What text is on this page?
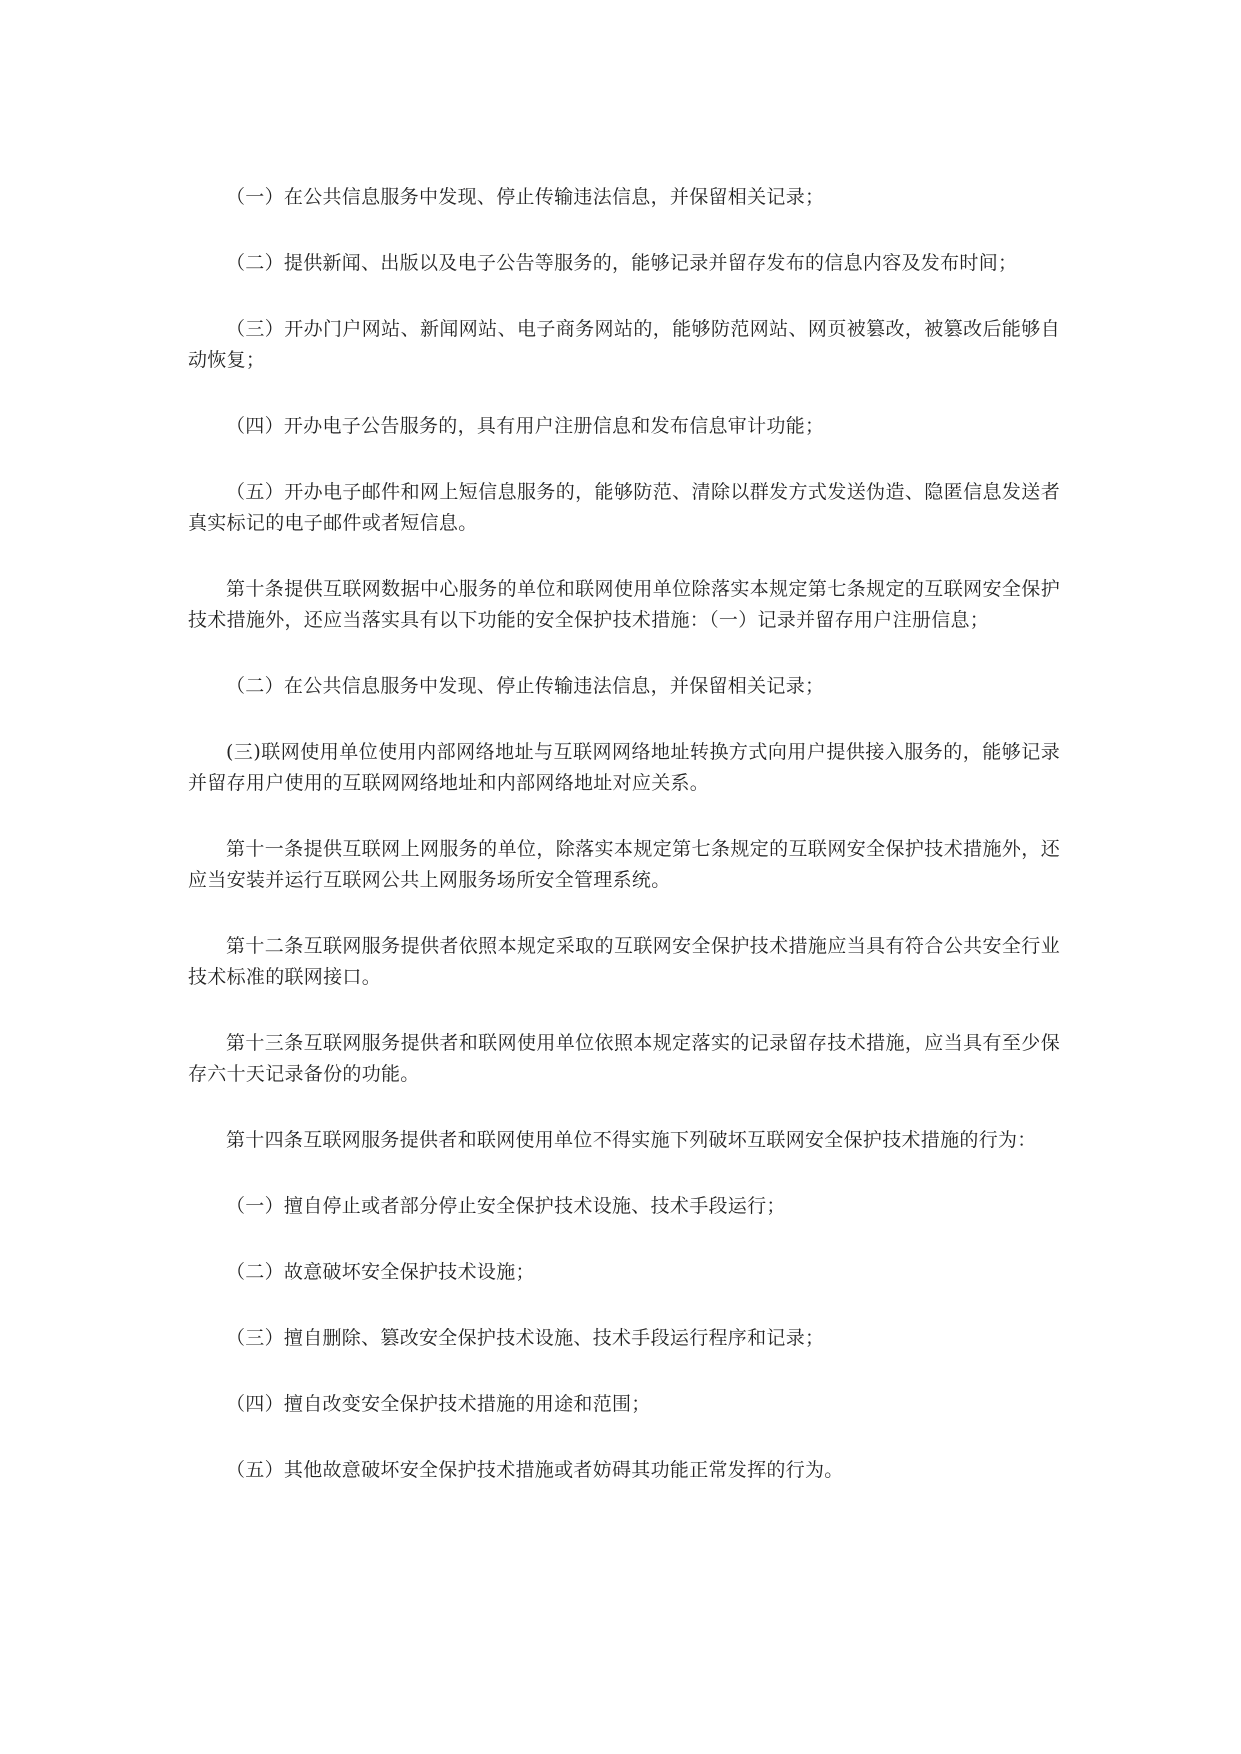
（一）在公共信息服务中发现、停止传输违法信息，并保留相关记录；

（二）提供新闻、出版以及电子公告等服务的，能够记录并留存发布的信息内容及发布时间；

（三）开办门户网站、新闻网站、电子商务网站的，能够防范网站、网页被篡改，被篡改后能够自动恢复；

（四）开办电子公告服务的，具有用户注册信息和发布信息审计功能；

（五）开办电子邮件和网上短信息服务的，能够防范、清除以群发方式发送伪造、隐匿信息发送者真实标记的电子邮件或者短信息。

第十条提供互联网数据中心服务的单位和联网使用单位除落实本规定第七条规定的互联网安全保护技术措施外，还应当落实具有以下功能的安全保护技术措施：（一）记录并留存用户注册信息；

（二）在公共信息服务中发现、停止传输违法信息，并保留相关记录；

(三)联网使用单位使用内部网络地址与互联网网络地址转换方式向用户提供接入服务的，能够记录并留存用户使用的互联网网络地址和内部网络地址对应关系。

第十一条提供互联网上网服务的单位，除落实本规定第七条规定的互联网安全保护技术措施外，还应当安装并运行互联网公共上网服务场所安全管理系统。

第十二条互联网服务提供者依照本规定采取的互联网安全保护技术措施应当具有符合公共安全行业技术标准的联网接口。

第十三条互联网服务提供者和联网使用单位依照本规定落实的记录留存技术措施，应当具有至少保存六十天记录备份的功能。

第十四条互联网服务提供者和联网使用单位不得实施下列破坏互联网安全保护技术措施的行为：

（一）擅自停止或者部分停止安全保护技术设施、技术手段运行；

（二）故意破坏安全保护技术设施；

（三）擅自删除、篡改安全保护技术设施、技术手段运行程序和记录；

（四）擅自改变安全保护技术措施的用途和范围；

（五）其他故意破坏安全保护技术措施或者妨碍其功能正常发挥的行为。
